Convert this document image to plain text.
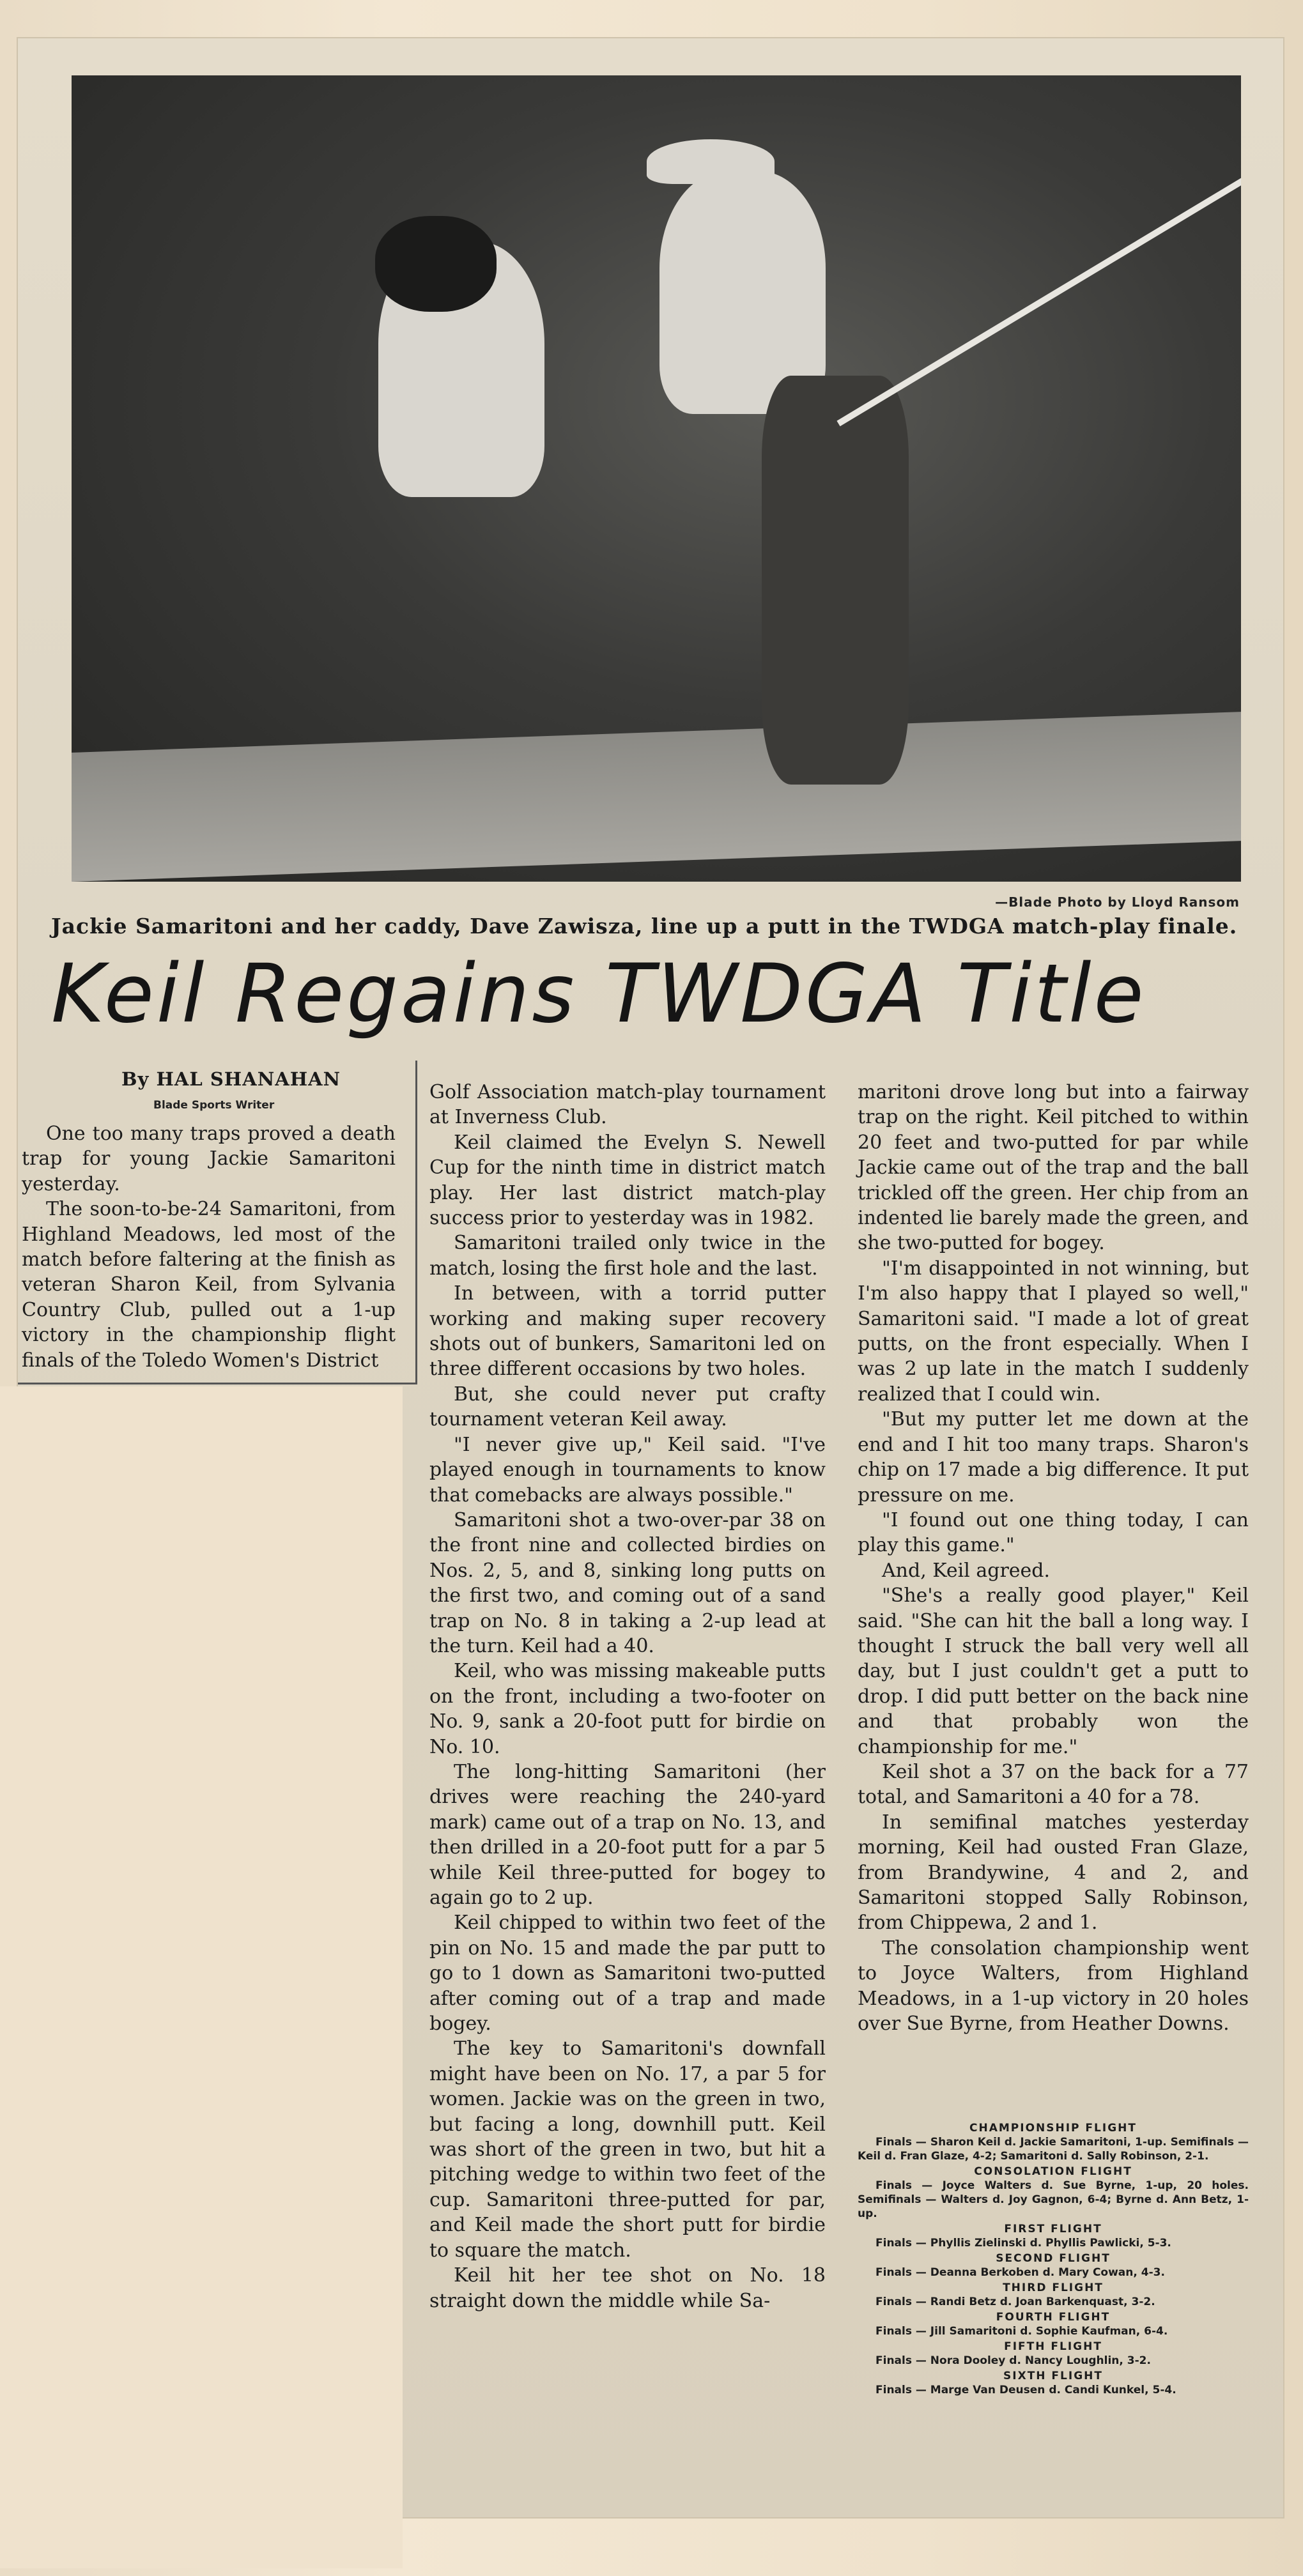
—Blade Photo by Lloyd Ransom
Jackie Samaritoni and her caddy, Dave Zawisza, line up a putt in the TWDGA match-play finale.
Keil Regains TWDGA Title
By HAL SHANAHAN
Blade Sports Writer

One too many traps proved a death trap for young Jackie Samaritoni yesterday.

The soon-to-be-24 Samaritoni, from Highland Meadows, led most of the match before faltering at the finish as veteran Sharon Keil, from Sylvania Country Club, pulled out a 1-up victory in the championship flight finals of the Toledo Women's District

Golf Association match-play tournament at Inverness Club.

Keil claimed the Evelyn S. Newell Cup for the ninth time in district match play. Her last district match-play success prior to yesterday was in 1982.

Samaritoni trailed only twice in the match, losing the first hole and the last.

In between, with a torrid putter working and making super recovery shots out of bunkers, Samaritoni led on three different occasions by two holes.

But, she could never put crafty tournament veteran Keil away.

"I never give up," Keil said. "I've played enough in tournaments to know that comebacks are always possible."

Samaritoni shot a two-over-par 38 on the front nine and collected birdies on Nos. 2, 5, and 8, sinking long putts on the first two, and coming out of a sand trap on No. 8 in taking a 2-up lead at the turn. Keil had a 40.

Keil, who was missing makeable putts on the front, including a two-footer on No. 9, sank a 20-foot putt for birdie on No. 10.

The long-hitting Samaritoni (her drives were reaching the 240-yard mark) came out of a trap on No. 13, and then drilled in a 20-foot putt for a par 5 while Keil three-putted for bogey to again go to 2 up.

Keil chipped to within two feet of the pin on No. 15 and made the par putt to go to 1 down as Samaritoni two-putted after coming out of a trap and made bogey.

The key to Samaritoni's downfall might have been on No. 17, a par 5 for women. Jackie was on the green in two, but facing a long, downhill putt. Keil was short of the green in two, but hit a pitching wedge to within two feet of the cup. Samaritoni three-putted for par, and Keil made the short putt for birdie to square the match.

Keil hit her tee shot on No. 18 straight down the middle while Sa-

maritoni drove long but into a fairway trap on the right. Keil pitched to within 20 feet and two-putted for par while Jackie came out of the trap and the ball trickled off the green. Her chip from an indented lie barely made the green, and she two-putted for bogey.

"I'm disappointed in not winning, but I'm also happy that I played so well," Samaritoni said. "I made a lot of great putts, on the front especially. When I was 2 up late in the match I suddenly realized that I could win.

"But my putter let me down at the end and I hit too many traps. Sharon's chip on 17 made a big difference. It put pressure on me.

"I found out one thing today, I can play this game."

And, Keil agreed.

"She's a really good player," Keil said. "She can hit the ball a long way. I thought I struck the ball very well all day, but I just couldn't get a putt to drop. I did putt better on the back nine and that probably won the championship for me."

Keil shot a 37 on the back for a 77 total, and Samaritoni a 40 for a 78.

In semifinal matches yesterday morning, Keil had ousted Fran Glaze, from Brandywine, 4 and 2, and Samaritoni stopped Sally Robinson, from Chippewa, 2 and 1.

The consolation championship went to Joyce Walters, from Highland Meadows, in a 1-up victory in 20 holes over Sue Byrne, from Heather Downs.

CHAMPIONSHIP FLIGHT
Finals — Sharon Keil d. Jackie Samaritoni, 1-up. Semifinals — Keil d. Fran Glaze, 4-2; Samaritoni d. Sally Robinson, 2-1.
CONSOLATION FLIGHT
Finals — Joyce Walters d. Sue Byrne, 1-up, 20 holes. Semifinals — Walters d. Joy Gagnon, 6-4; Byrne d. Ann Betz, 1-up.
FIRST FLIGHT
Finals — Phyllis Zielinski d. Phyllis Pawlicki, 5-3.
SECOND FLIGHT
Finals — Deanna Berkoben d. Mary Cowan, 4-3.
THIRD FLIGHT
Finals — Randi Betz d. Joan Barkenquast, 3-2.
FOURTH FLIGHT
Finals — Jill Samaritoni d. Sophie Kaufman, 6-4.
FIFTH FLIGHT
Finals — Nora Dooley d. Nancy Loughlin, 3-2.
SIXTH FLIGHT
Finals — Marge Van Deusen d. Candi Kunkel, 5-4.
